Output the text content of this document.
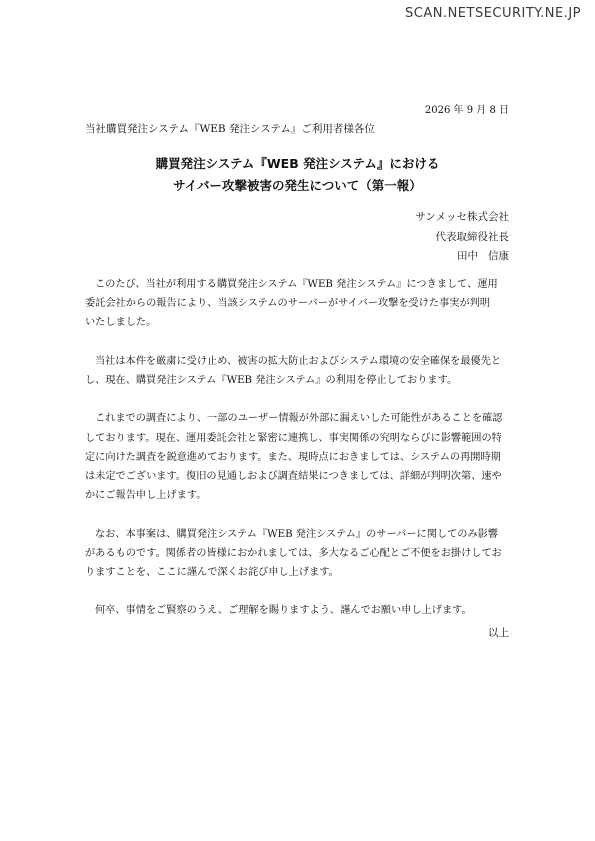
SCAN.NETSECURITY.NE.JP
2026 年 9 月 8 日
当社購買発注システム『WEB 発注システム』ご利用者様各位
購買発注システム『WEB 発注システム』における
サイバー攻撃被害の発生について（第一報）
サンメッセ株式会社
代表取締役社長
田中 信康
このたび、当社が利用する購買発注システム『WEB 発注システム』につきまして、運用
委託会社からの報告により、当該システムのサーバーがサイバー攻撃を受けた事実が判明
いたしました。
当社は本件を厳粛に受け止め、被害の拡大防止およびシステム環境の安全確保を最優先と
し、現在、購買発注システム『WEB 発注システム』の利用を停止しております。
これまでの調査により、一部のユーザー情報が外部に漏えいした可能性があることを確認
しております。現在、運用委託会社と緊密に連携し、事実関係の究明ならびに影響範囲の特
定に向けた調査を鋭意進めております。また、現時点におきましては、システムの再開時期
は未定でございます。復旧の見通しおよび調査結果につきましては、詳細が判明次第、速や
かにご報告申し上げます。
なお、本事案は、購買発注システム『WEB 発注システム』のサーバーに関してのみ影響
があるものです。関係者の皆様におかれましては、多大なるご心配とご不便をお掛けしてお
りますことを、ここに謹んで深くお詫び申し上げます。
何卒、事情をご賢察のうえ、ご理解を賜りますよう、謹んでお願い申し上げます。
以上
